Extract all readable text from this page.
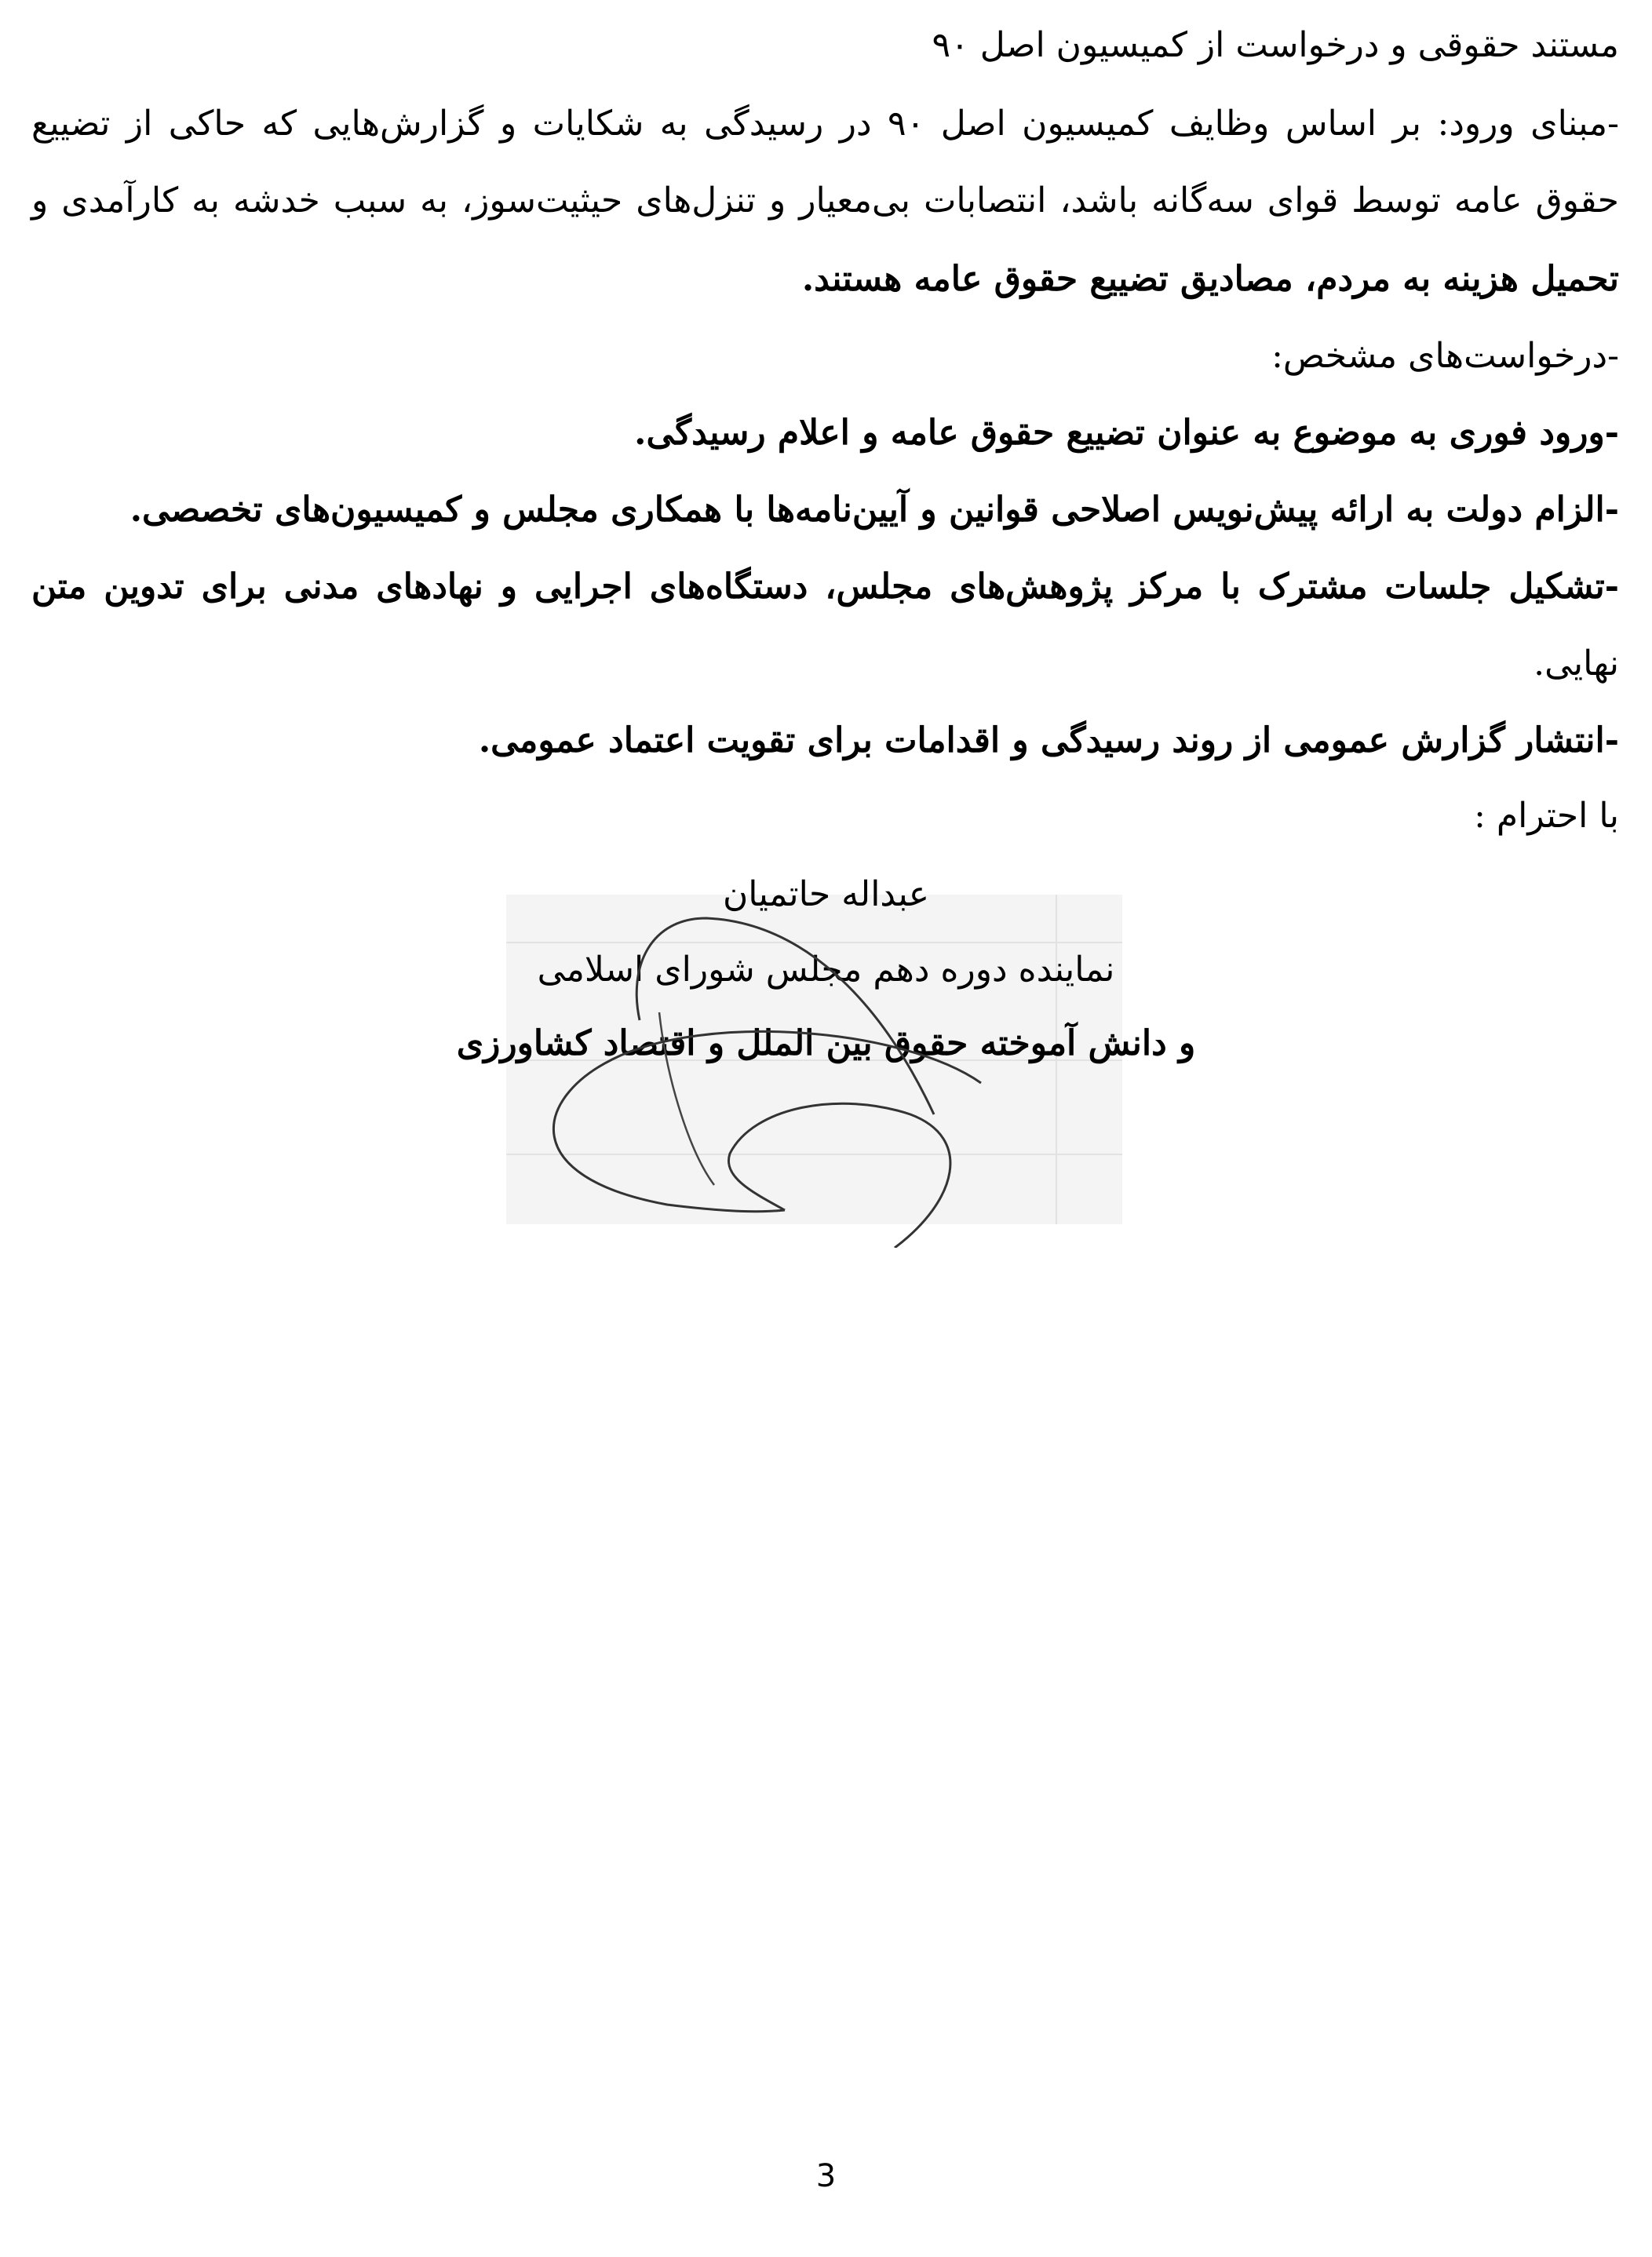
مستند حقوقی و درخواست از کمیسیون اصل ۹۰
-مبنای ورود: بر اساس وظایف کمیسیون اصل ۹۰ در رسیدگی به شکایات و گزارش‌هایی که حاکی از تضییع
حقوق عامه توسط قوای سه‌گانه باشد، انتصابات بی‌معیار و تنزل‌های حیثیت‌سوز، به سبب خدشه به کارآمدی و
تحمیل هزینه به مردم، مصادیق تضییع حقوق عامه هستند.
-درخواست‌های مشخص:
-ورود فوری به موضوع به عنوان تضییع حقوق عامه و اعلام رسیدگی.
-الزام دولت به ارائه پیش‌نویس اصلاحی قوانین و آیین‌نامه‌ها با همکاری مجلس و کمیسیون‌های تخصصی.
-تشکیل جلسات مشترک با مرکز پژوهش‌های مجلس، دستگاه‌های اجرایی و نهادهای مدنی برای تدوین متن
نهایی.
-انتشار گزارش عمومی از روند رسیدگی و اقدامات برای تقویت اعتماد عمومی.
با احترام :
عبداله حاتمیان
نماینده دوره دهم مجلس شورای اسلامی
و دانش آموخته حقوق بین الملل و اقتصاد کشاورزی
3
